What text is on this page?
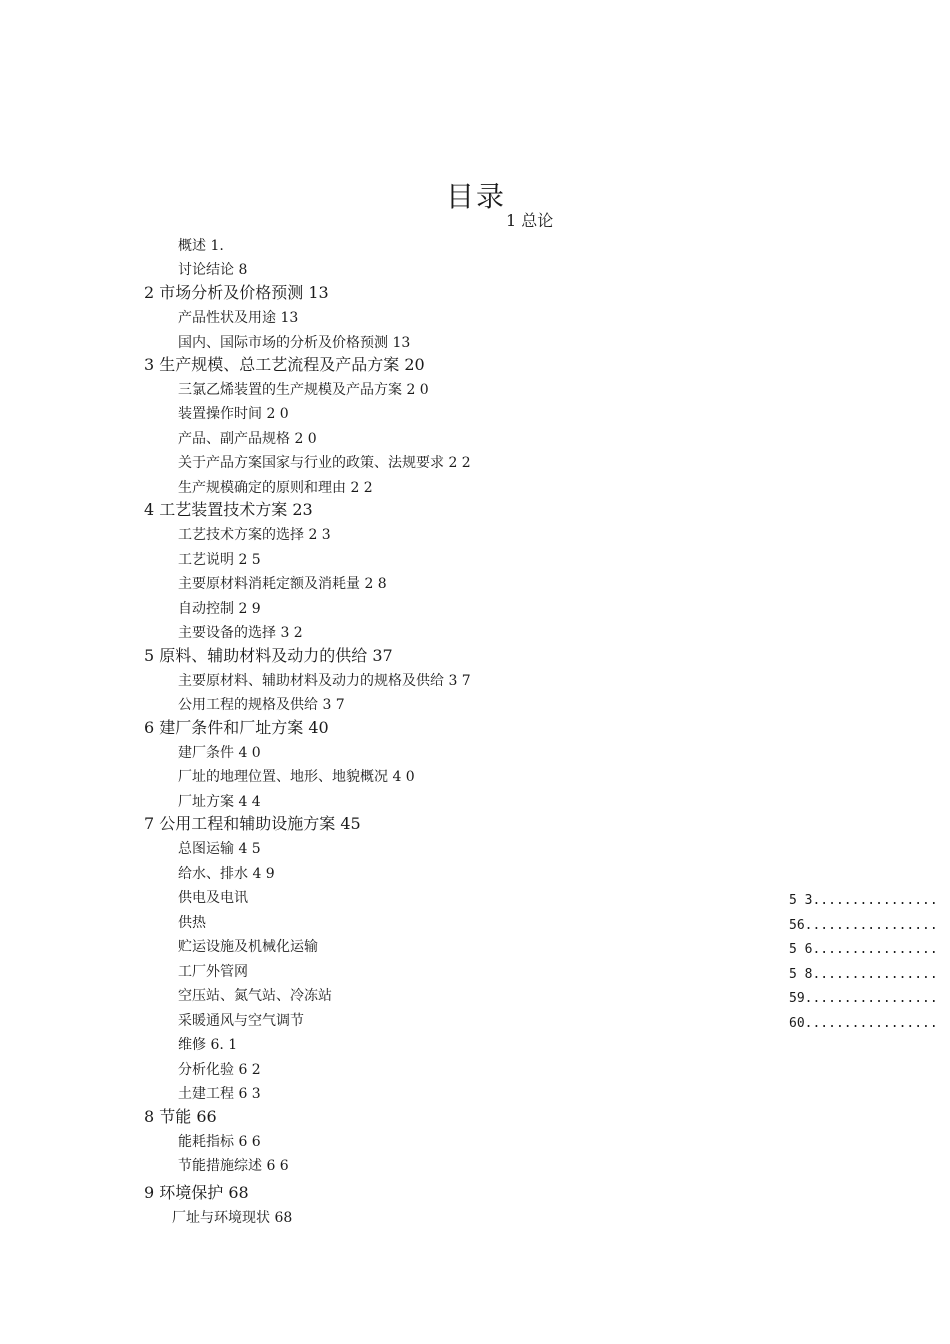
目录
1 总论
概述 1.
讨论结论 8
2 市场分析及价格预测 13
产品性状及用途 13
国内、国际市场的分析及价格预测 13
3 生产规模、总工艺流程及产品方案 20
三氯乙烯装置的生产规模及产品方案 2 0
装置操作时间 2 0
产品、副产品规格 2 0
关于产品方案国家与行业的政策、法规要求 2 2
生产规模确定的原则和理由 2 2
4 工艺装置技术方案 23
工艺技术方案的选择 2 3
工艺说明 2 5
主要原材料消耗定额及消耗量 2 8
自动控制 2 9
主要设备的选择 3 2
5 原料、辅助材料及动力的供给 37
主要原材料、辅助材料及动力的规格及供给 3 7
公用工程的规格及供给 3 7
6 建厂条件和厂址方案 40
建厂条件 4 0
厂址的地理位置、地形、地貌概况 4 0
厂址方案 4 4
7 公用工程和辅助设施方案 45
总图运输 4 5
给水、排水 4 9
供电及电讯	5 3................
供热	56.................
贮运设施及机械化运输	5 6................
工厂外管网	5 8................
空压站、氮气站、冷冻站	59.................
采暖通风与空气调节	60.................
维修 6. 1
分析化验 6 2
土建工程 6 3
8 节能 66
能耗指标 6 6
节能措施综述 6 6
9 环境保护 68
厂址与环境现状 68
